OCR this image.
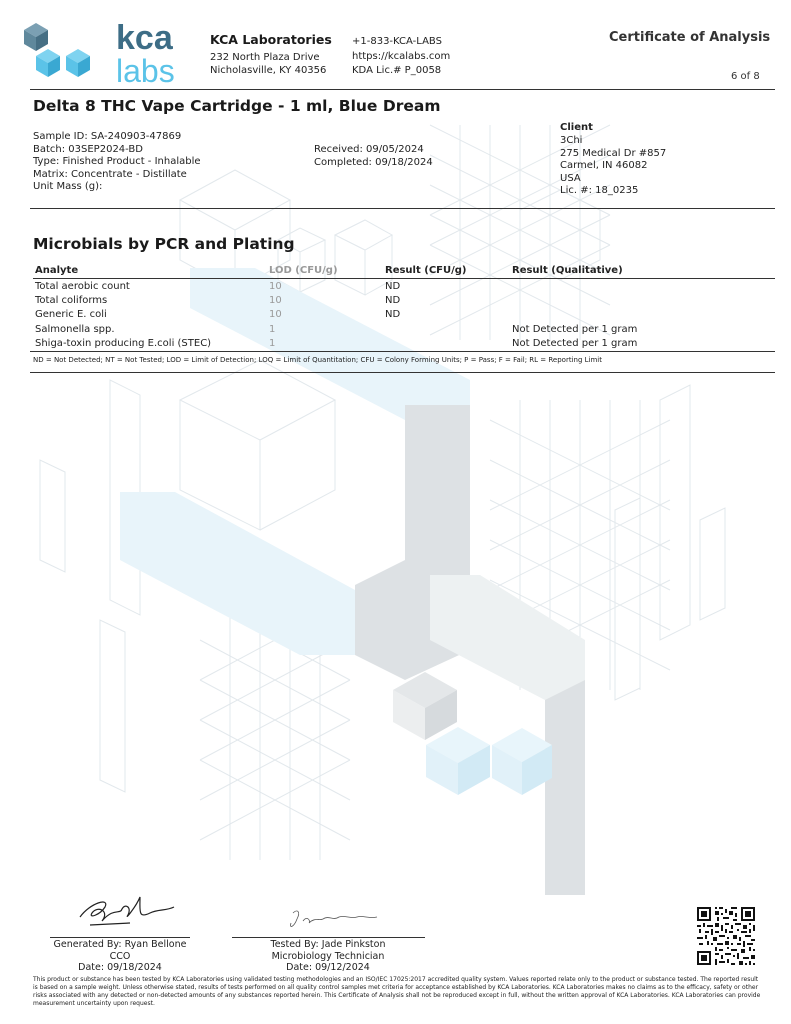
kca
labs
KCA Laboratories
232 North Plaza Drive
Nicholasville, KY 40356
+1-833-KCA-LABS
https://kcalabs.com
KDA Lic.# P_0058
Certificate of Analysis
6 of 8
Delta 8 THC Vape Cartridge - 1 ml, Blue Dream
Sample ID: SA-240903-47869
Batch: 03SEP2024-BD
Type: Finished Product - Inhalable
Matrix: Concentrate - Distillate
Unit Mass (g):
Received: 09/05/2024
Completed: 09/18/2024
Client
3Chi
275 Medical Dr #857
Carmel, IN 46082
USA
Lic. #: 18_0235
Microbials by PCR and Plating
Analyte	LOD (CFU/g)	Result (CFU/g)	Result (Qualitative)
Total aerobic count	10	ND	
Total coliforms	10	ND	
Generic E. coli	10	ND	
Salmonella spp.	1		Not Detected per 1 gram
Shiga-toxin producing E.coli (STEC)	1		Not Detected per 1 gram
ND = Not Detected; NT = Not Tested; LOD = Limit of Detection; LOQ = Limit of Quantitation; CFU = Colony Forming Units; P = Pass; F = Fail; RL = Reporting Limit
Generated By: Ryan Bellone
CCO
Date: 09/18/2024
Tested By: Jade Pinkston
Microbiology Technician
Date: 09/12/2024
This product or substance has been tested by KCA Laboratories using validated testing methodologies and an ISO/IEC 17025:2017 accredited quality system. Values reported relate only to the product or substance tested. The reported result is based on a sample weight. Unless otherwise stated, results of tests performed on all quality control samples met criteria for acceptance established by KCA Laboratories. KCA Laboratories makes no claims as to the efficacy, safety or other risks associated with any detected or non-detected amounts of any substances reported herein. This Certificate of Analysis shall not be reproduced except in full, without the written approval of KCA Laboratories. KCA Laboratories can provide measurement uncertainty upon request.
